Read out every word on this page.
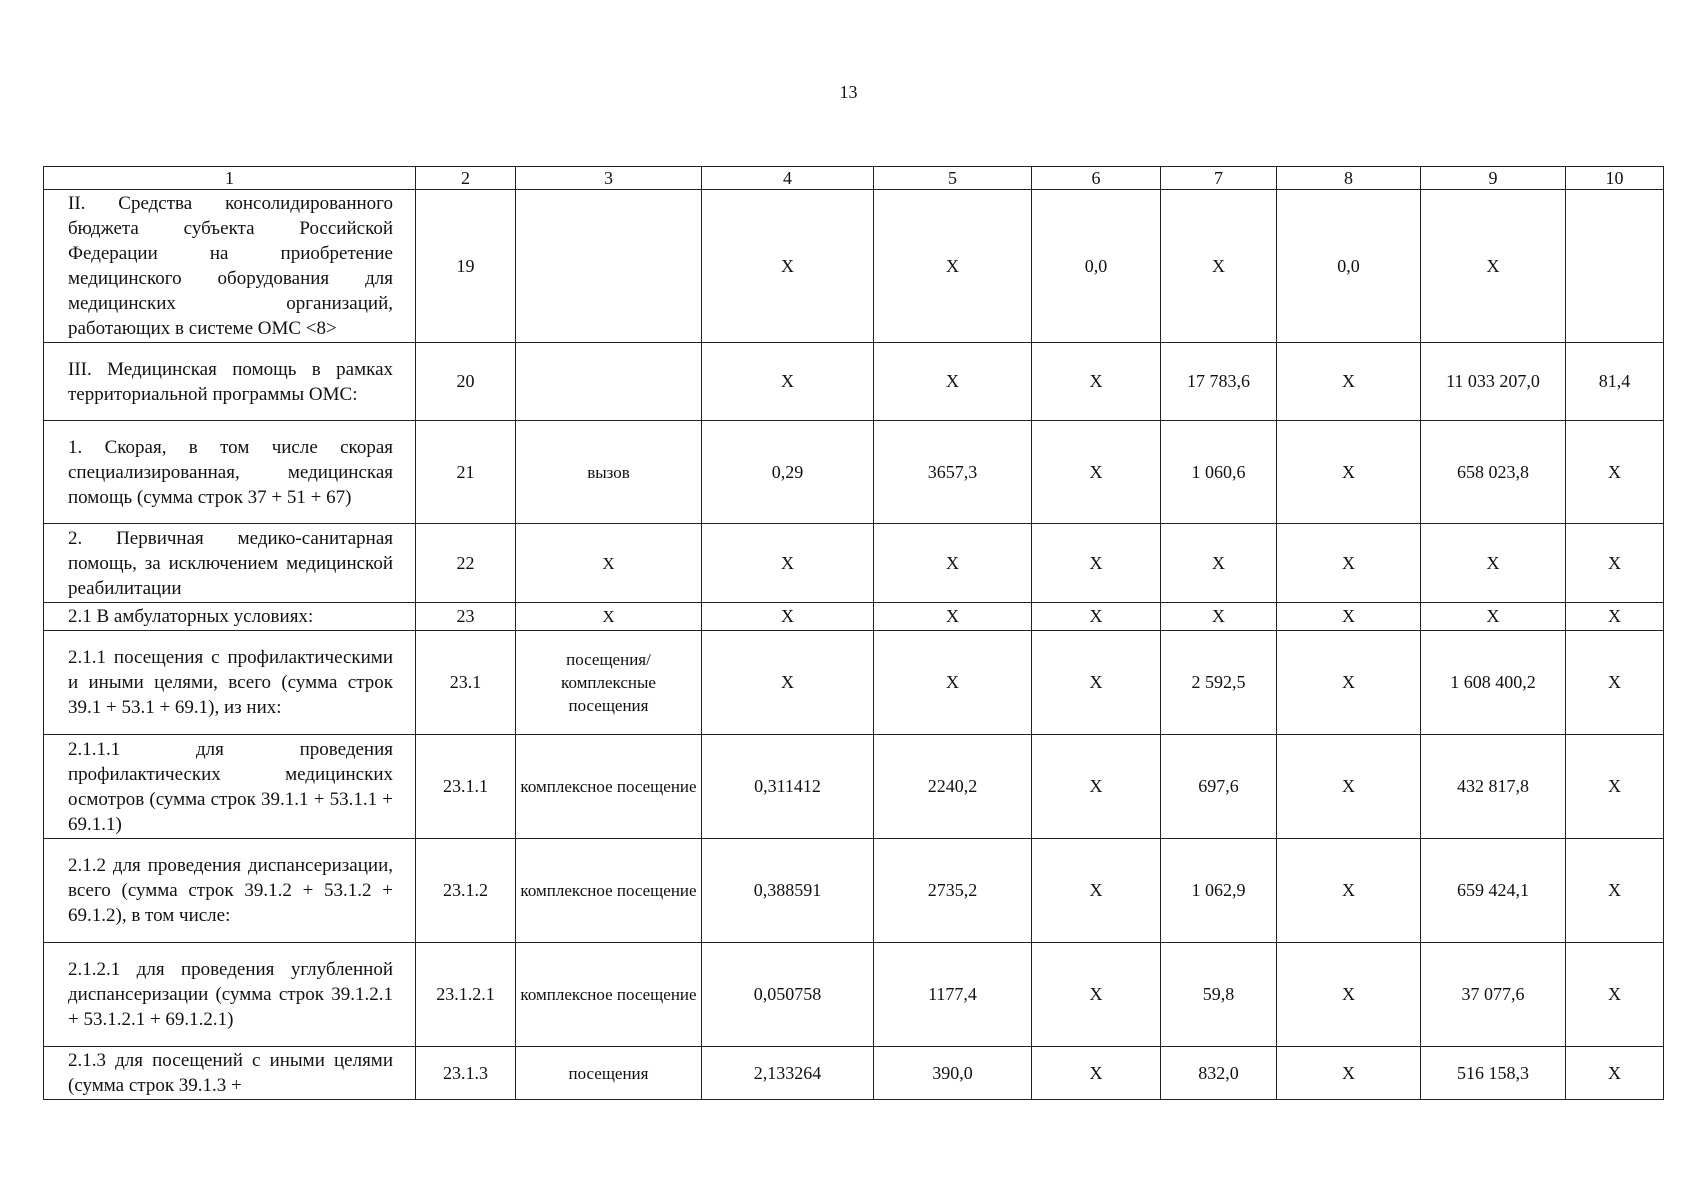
13
1	2	3	4	5	6	7	8	9	10
II. Средства консолидированного бюджета субъекта Российской Федерации на приобретение медицинского оборудования для медицинских организаций, работающих в системе ОМС <8>	19		Х	Х	0,0	Х	0,0	Х	
III. Медицинская помощь в рамках территориальной программы ОМС:	20		Х	Х	Х	17 783,6	Х	11 033 207,0	81,4
1. Скорая, в том числе скорая специализированная, медицинская помощь (сумма строк 37 + 51 + 67)	21	вызов	0,29	3657,3	Х	1 060,6	Х	658 023,8	Х
2. Первичная медико-санитарная помощь, за исключением медицинской реабилитации	22	Х	Х	Х	Х	Х	Х	Х	Х
2.1 В амбулаторных условиях:	23	Х	Х	Х	Х	Х	Х	Х	Х
2.1.1 посещения с профилактическими и иными целями, всего (сумма строк 39.1 + 53.1 + 69.1), из них:	23.1	посещения/ комплексные посещения	Х	Х	Х	2 592,5	Х	1 608 400,2	Х
2.1.1.1 для проведения профилактических медицинских осмотров (сумма строк 39.1.1 + 53.1.1 + 69.1.1)	23.1.1	комплексное посещение	0,311412	2240,2	Х	697,6	Х	432 817,8	Х
2.1.2 для проведения диспансеризации, всего (сумма строк 39.1.2 + 53.1.2 + 69.1.2), в том числе:	23.1.2	комплексное посещение	0,388591	2735,2	Х	1 062,9	Х	659 424,1	Х
2.1.2.1 для проведения углубленной диспансеризации (сумма строк 39.1.2.1 + 53.1.2.1 + 69.1.2.1)	23.1.2.1	комплексное посещение	0,050758	1177,4	Х	59,8	Х	37 077,6	Х
2.1.3 для посещений с иными целями (сумма строк 39.1.3 +	23.1.3	посещения	2,133264	390,0	Х	832,0	Х	516 158,3	Х
